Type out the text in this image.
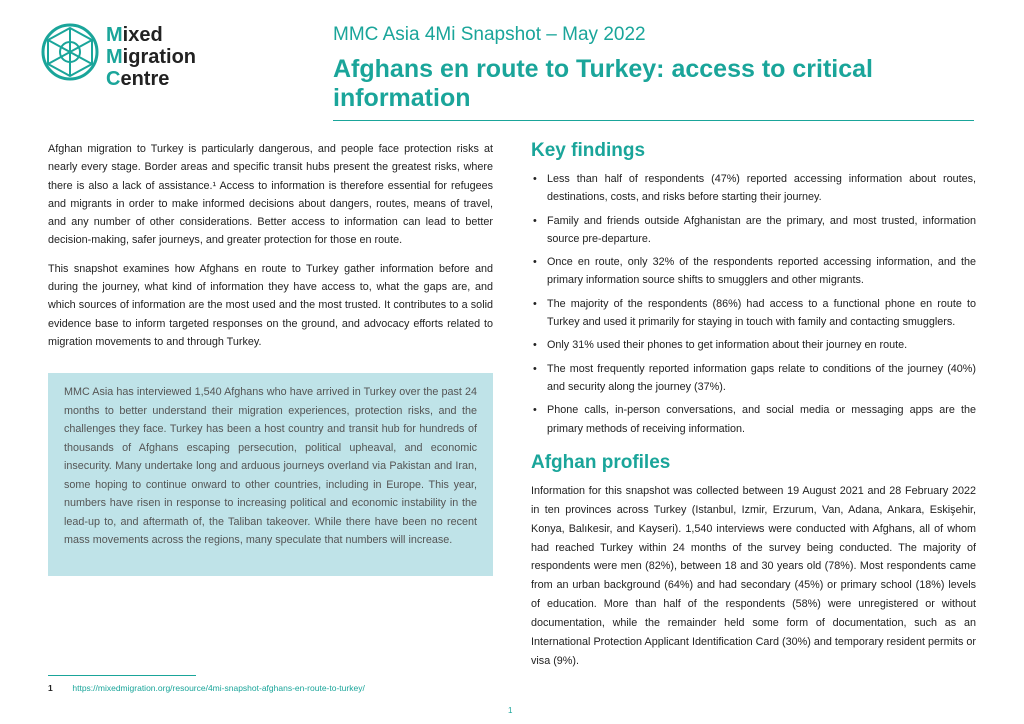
Mixed
Migration
Centre
MMC Asia 4Mi Snapshot – May 2022
Afghans en route to Turkey: access to critical information

Afghan migration to Turkey is particularly dangerous, and people face protection risks at nearly every stage. Border areas and specific transit hubs present the greatest risks, where there is also a lack of assistance.¹ Access to information is therefore essential for refugees and migrants in order to make informed decisions about dangers, routes, means of travel, and any number of other considerations. Better access to information can lead to better decision-making, safer journeys, and greater protection for those en route.

This snapshot examines how Afghans en route to Turkey gather information before and during the journey, what kind of information they have access to, what the gaps are, and which sources of information are the most used and the most trusted. It contributes to a solid evidence base to inform targeted responses on the ground, and advocacy efforts related to migration movements to and through Turkey.

MMC Asia has interviewed 1,540 Afghans who have arrived in Turkey over the past 24 months to better understand their migration experiences, protection risks, and the challenges they face. Turkey has been a host country and transit hub for hundreds of thousands of Afghans escaping persecution, political upheaval, and economic insecurity. Many undertake long and arduous journeys overland via Pakistan and Iran, some hoping to continue onward to other countries, including in Europe. This year, numbers have risen in response to increasing political and economic instability in the lead-up to, and aftermath of, the Taliban takeover. While there have been no recent mass movements across the regions, many speculate that numbers will increase.

1 https://mixedmigration.org/resource/4mi-snapshot-afghans-en-route-to-turkey/
1
Key findings
• Less than half of respondents (47%) reported accessing information about routes, destinations, costs, and risks before starting their journey.
• Family and friends outside Afghanistan are the primary, and most trusted, information source pre-departure.
• Once en route, only 32% of the respondents reported accessing information, and the primary information source shifts to smugglers and other migrants.
• The majority of the respondents (86%) had access to a functional phone en route to Turkey and used it primarily for staying in touch with family and contacting smugglers.
• Only 31% used their phones to get information about their journey en route.
• The most frequently reported information gaps relate to conditions of the journey (40%) and security along the journey (37%).
• Phone calls, in-person conversations, and social media or messaging apps are the primary methods of receiving information.
Afghan profiles

Information for this snapshot was collected between 19 August 2021 and 28 February 2022 in ten provinces across Turkey (Istanbul, Izmir, Erzurum, Van, Adana, Ankara, Eskişehir, Konya, Balıkesir, and Kayseri). 1,540 interviews were conducted with Afghans, all of whom had reached Turkey within 24 months of the survey being conducted. The majority of respondents were men (82%), between 18 and 30 years old (78%). Most respondents came from an urban background (64%) and had secondary (45%) or primary school (18%) levels of education. More than half of the respondents (58%) were unregistered or without documentation, while the remainder held some form of documentation, such as an International Protection Applicant Identification Card (30%) and temporary resident permits or visa (9%).
